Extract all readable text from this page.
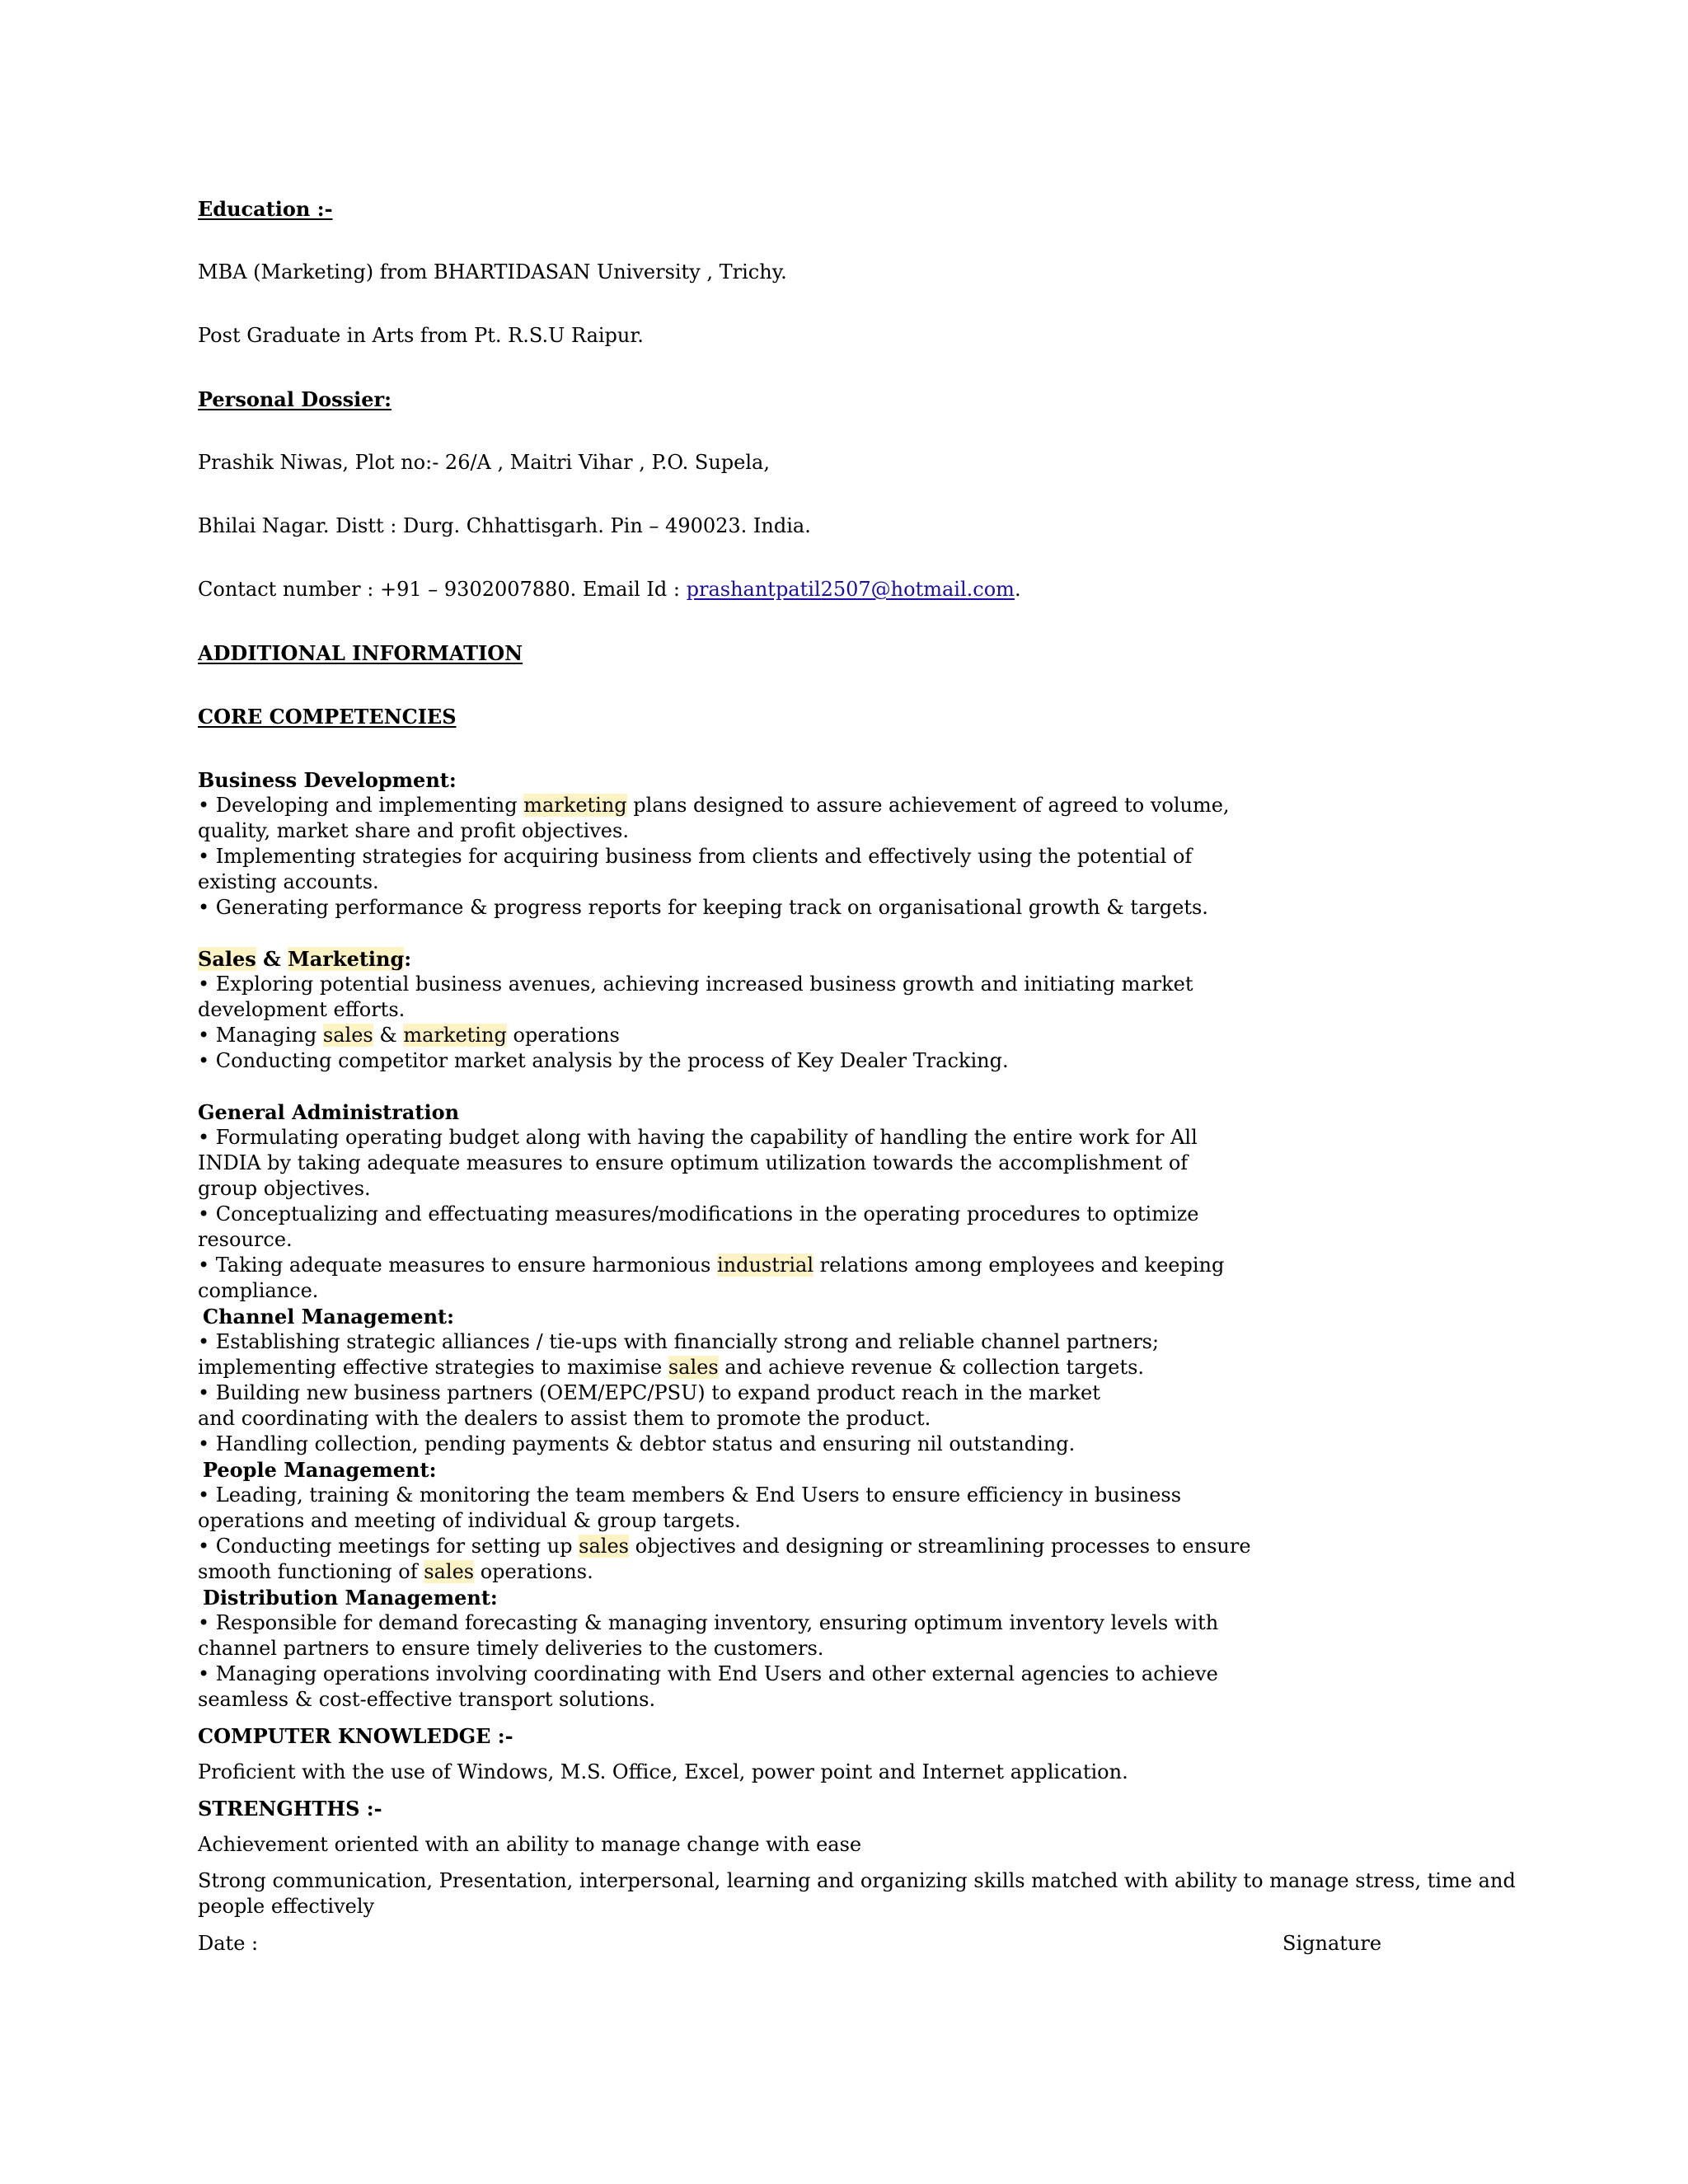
Education :-
MBA (Marketing) from BHARTIDASAN University , Trichy.
Post Graduate in Arts from Pt. R.S.U Raipur.
Personal Dossier:
Prashik Niwas, Plot no:- 26/A , Maitri Vihar , P.O. Supela,
Bhilai Nagar. Distt : Durg. Chhattisgarh. Pin – 490023. India.
Contact number : +91 – 9302007880. Email Id : prashantpatil2507@hotmail.com.
ADDITIONAL INFORMATION
CORE COMPETENCIES
Business Development:
• Developing and implementing marketing plans designed to assure achievement of agreed to volume,
quality, market share and profit objectives.
• Implementing strategies for acquiring business from clients and effectively using the potential of
existing accounts.
• Generating performance & progress reports for keeping track on organisational growth & targets.
Sales & Marketing:
• Exploring potential business avenues, achieving increased business growth and initiating market
development efforts.
• Managing sales & marketing operations
• Conducting competitor market analysis by the process of Key Dealer Tracking.
General Administration
• Formulating operating budget along with having the capability of handling the entire work for All
INDIA by taking adequate measures to ensure optimum utilization towards the accomplishment of
group objectives.
• Conceptualizing and effectuating measures/modifications in the operating procedures to optimize
resource.
• Taking adequate measures to ensure harmonious industrial relations among employees and keeping
compliance.
Channel Management:
• Establishing strategic alliances / tie-ups with financially strong and reliable channel partners;
implementing effective strategies to maximise sales and achieve revenue & collection targets.
• Building new business partners (OEM/EPC/PSU) to expand product reach in the market
and coordinating with the dealers to assist them to promote the product.
• Handling collection, pending payments & debtor status and ensuring nil outstanding.
People Management:
• Leading, training & monitoring the team members & End Users to ensure efficiency in business
operations and meeting of individual & group targets.
• Conducting meetings for setting up sales objectives and designing or streamlining processes to ensure
smooth functioning of sales operations.
Distribution Management:
• Responsible for demand forecasting & managing inventory, ensuring optimum inventory levels with
channel partners to ensure timely deliveries to the customers.
• Managing operations involving coordinating with End Users and other external agencies to achieve
seamless & cost-effective transport solutions.
COMPUTER KNOWLEDGE :-
Proficient with the use of Windows, M.S. Office, Excel, power point and Internet application.
STRENGHTHS :-
Achievement oriented with an ability to manage change with ease
Strong communication, Presentation, interpersonal, learning and organizing skills matched with ability to manage stress, time and
people effectively
Date :	Signature
